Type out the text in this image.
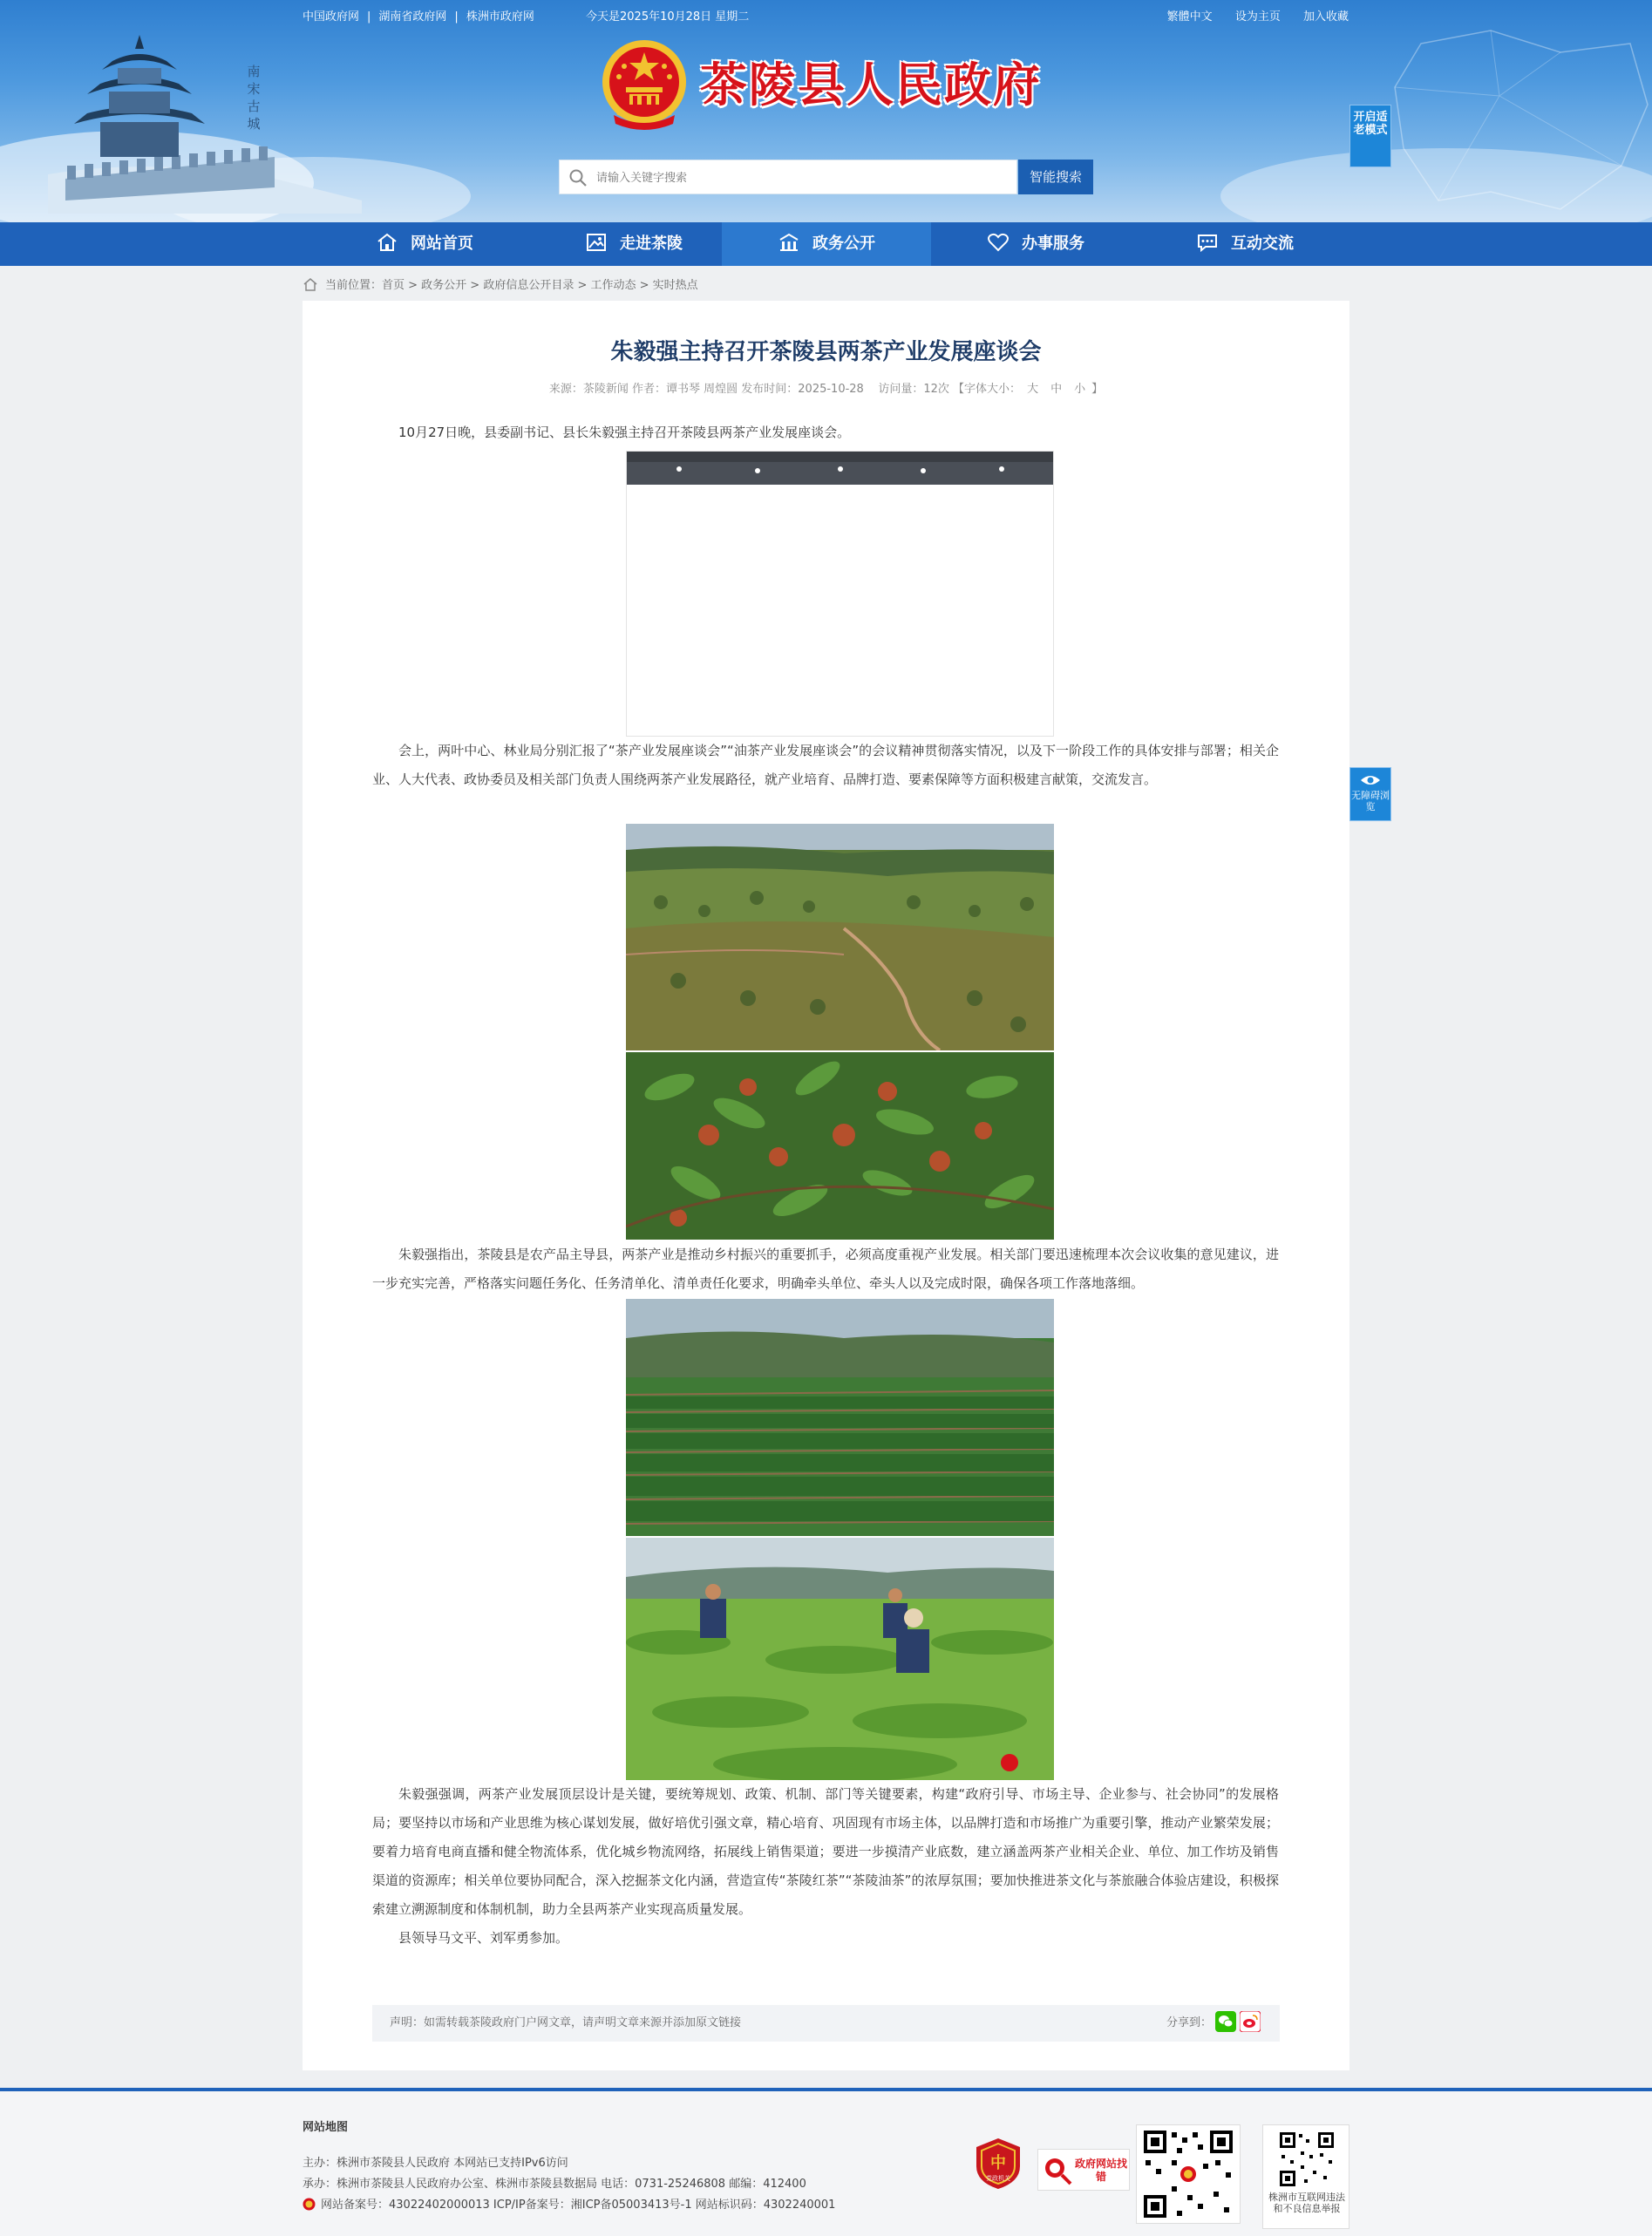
中国政府网 | 湖南省政府网 | 株洲市政府网	今天是2025年10月28日 星期二	繁體中文 设为主页 加入收藏
南宋古城
茶陵县人民政府
请输入关键字搜索
智能搜索
开启适老模式
网站首页	走进茶陵	政务公开	办事服务	互动交流
当前位置：首页 > 政务公开 > 政府信息公开目录 > 工作动态 > 实时热点
朱毅强主持召开茶陵县两茶产业发展座谈会
来源：茶陵新闻 作者：谭书琴 周煌圆 发布时间：2025-10-28    访问量：12次 【字体大小： 大 中 小 】
10月27日晚，县委副书记、县长朱毅强主持召开茶陵县两茶产业发展座谈会。
会上，两叶中心、林业局分别汇报了“茶产业发展座谈会”“油茶产业发展座谈会”的会议精神贯彻落实情况，以及下一阶段工作的具体安排与部署；相关企业、人大代表、政协委员及相关部门负责人围绕两茶产业发展路径，就产业培育、品牌打造、要素保障等方面积极建言献策，交流发言。
朱毅强指出，茶陵县是农产品主导县，两茶产业是推动乡村振兴的重要抓手，必须高度重视产业发展。相关部门要迅速梳理本次会议收集的意见建议，进一步充实完善，严格落实问题任务化、任务清单化、清单责任化要求，明确牵头单位、牵头人以及完成时限，确保各项工作落地落细。
朱毅强强调，两茶产业发展顶层设计是关键，要统筹规划、政策、机制、部门等关键要素，构建“政府引导、市场主导、企业参与、社会协同”的发展格局；要坚持以市场和产业思维为核心谋划发展，做好培优引强文章，精心培育、巩固现有市场主体，以品牌打造和市场推广为重要引擎，推动产业繁荣发展；要着力培育电商直播和健全物流体系，优化城乡物流网络，拓展线上销售渠道；要进一步摸清产业底数，建立涵盖两茶产业相关企业、单位、加工作坊及销售渠道的资源库；相关单位要协同配合，深入挖掘茶文化内涵，营造宣传“茶陵红茶”“茶陵油茶”的浓厚氛围；要加快推进茶文化与茶旅融合体验店建设，积极探索建立溯源制度和体制机制，助力全县两茶产业实现高质量发展。
县领导马文平、刘军勇参加。
声明：如需转载茶陵政府门户网文章，请声明文章来源并添加原文链接	分享到：
无障碍浏览
网站地图
主办：株洲市茶陵县人民政府 本网站已支持IPv6访问
承办：株洲市茶陵县人民政府办公室、株洲市茶陵县数据局 电话：0731-25246808 邮编：412400
网站备案号：43022402000013 ICP/IP备案号：湘ICP备05003413号-1 网站标识码：4302240001
中
党政机关
政府网站找错
株洲市互联网违法和不良信息举报
